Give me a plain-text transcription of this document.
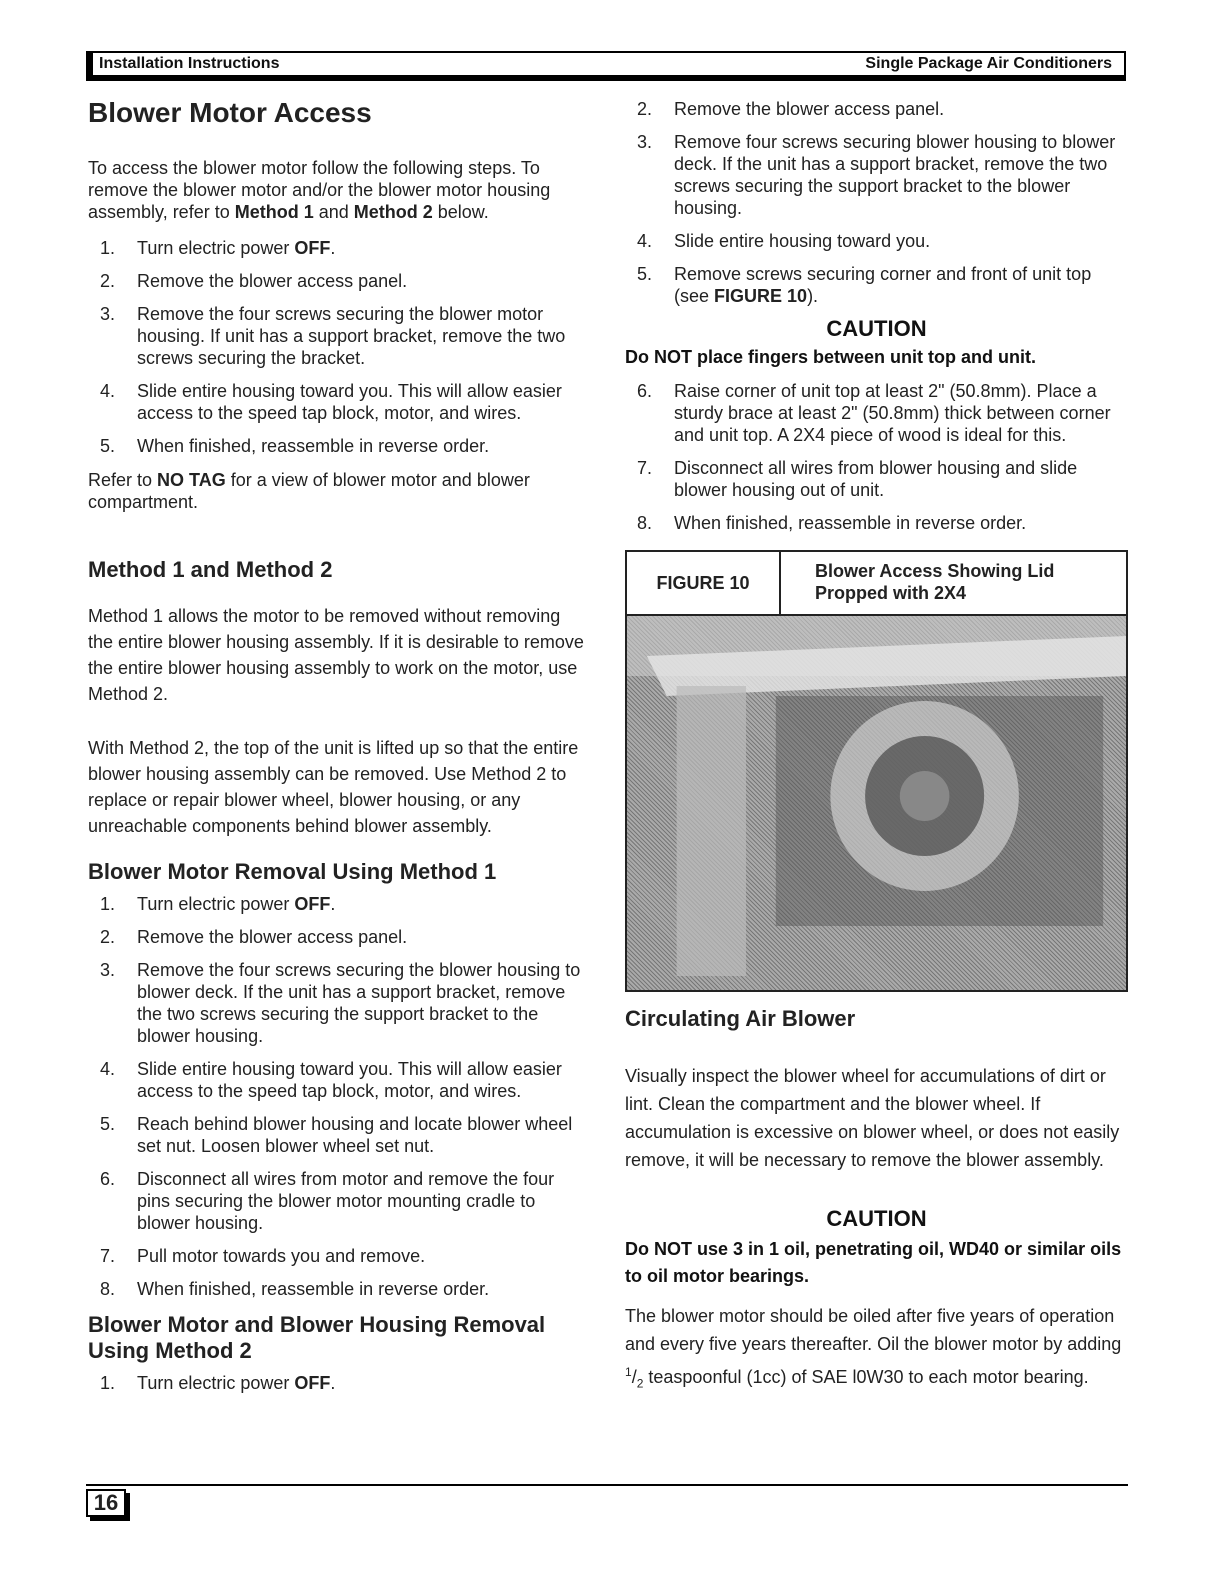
Installation Instructions	Single Package Air Conditioners
Blower Motor Access

To access the blower motor follow the following steps. To remove the blower motor and/or the blower motor housing assembly, refer to Method 1 and Method 2 below.

1.	Turn electric power OFF.
2.	Remove the blower access panel.
3.	Remove the four screws securing the blower motor housing. If unit has a support bracket, remove the two screws securing the bracket.
4.	Slide entire housing toward you. This will allow easier access to the speed tap block, motor, and wires.
5.	When finished, reassemble in reverse order.

Refer to NO TAG for a view of blower motor and blower compartment.

Method 1 and Method 2

Method 1 allows the motor to be removed without removing the entire blower housing assembly. If it is desirable to remove the entire blower housing assembly to work on the motor, use Method 2.

With Method 2, the top of the unit is lifted up so that the entire blower housing assembly can be removed. Use Method 2 to replace or repair blower wheel, blower housing, or any unreachable components behind blower assembly.

Blower Motor Removal Using Method 1
1.	Turn electric power OFF.
2.	Remove the blower access panel.
3.	Remove the four screws securing the blower housing to blower deck. If the unit has a support bracket, remove the two screws securing the support bracket to the blower housing.
4.	Slide entire housing toward you. This will allow easier access to the speed tap block, motor, and wires.
5.	Reach behind blower housing and locate blower wheel set nut. Loosen blower wheel set nut.
6.	Disconnect all wires from motor and remove the four pins securing the blower motor mounting cradle to blower housing.
7.	Pull motor towards you and remove.
8.	When finished, reassemble in reverse order.
Blower Motor and Blower Housing Removal Using Method 2
1.	Turn electric power OFF.
2.	Remove the blower access panel.
3.	Remove four screws securing blower housing to blower deck. If the unit has a support bracket, remove the two screws securing the support bracket to the blower housing.
4.	Slide entire housing toward you.
5.	Remove screws securing corner and front of unit top (see FIGURE 10).
CAUTION
Do NOT place fingers between unit top and unit.
6.	Raise corner of unit top at least 2" (50.8mm). Place a sturdy brace at least 2" (50.8mm) thick between corner and unit top. A 2X4 piece of wood is ideal for this.
7.	Disconnect all wires from blower housing and slide blower housing out of unit.
8.	When finished, reassemble in reverse order.
FIGURE 10
Blower Access Showing Lid Propped with 2X4
Circulating Air Blower

Visually inspect the blower wheel for accumulations of dirt or lint. Clean the compartment and the blower wheel. If accumulation is excessive on blower wheel, or does not easily remove, it will be necessary to remove the blower assembly.

CAUTION
Do NOT use 3 in 1 oil, penetrating oil, WD40 or similar oils to oil motor bearings.

The blower motor should be oiled after five years of operation and every five years thereafter. Oil the blower motor by adding $^1/_2$ teaspoonful (1cc) of SAE l0W30 to each motor bearing.

16
